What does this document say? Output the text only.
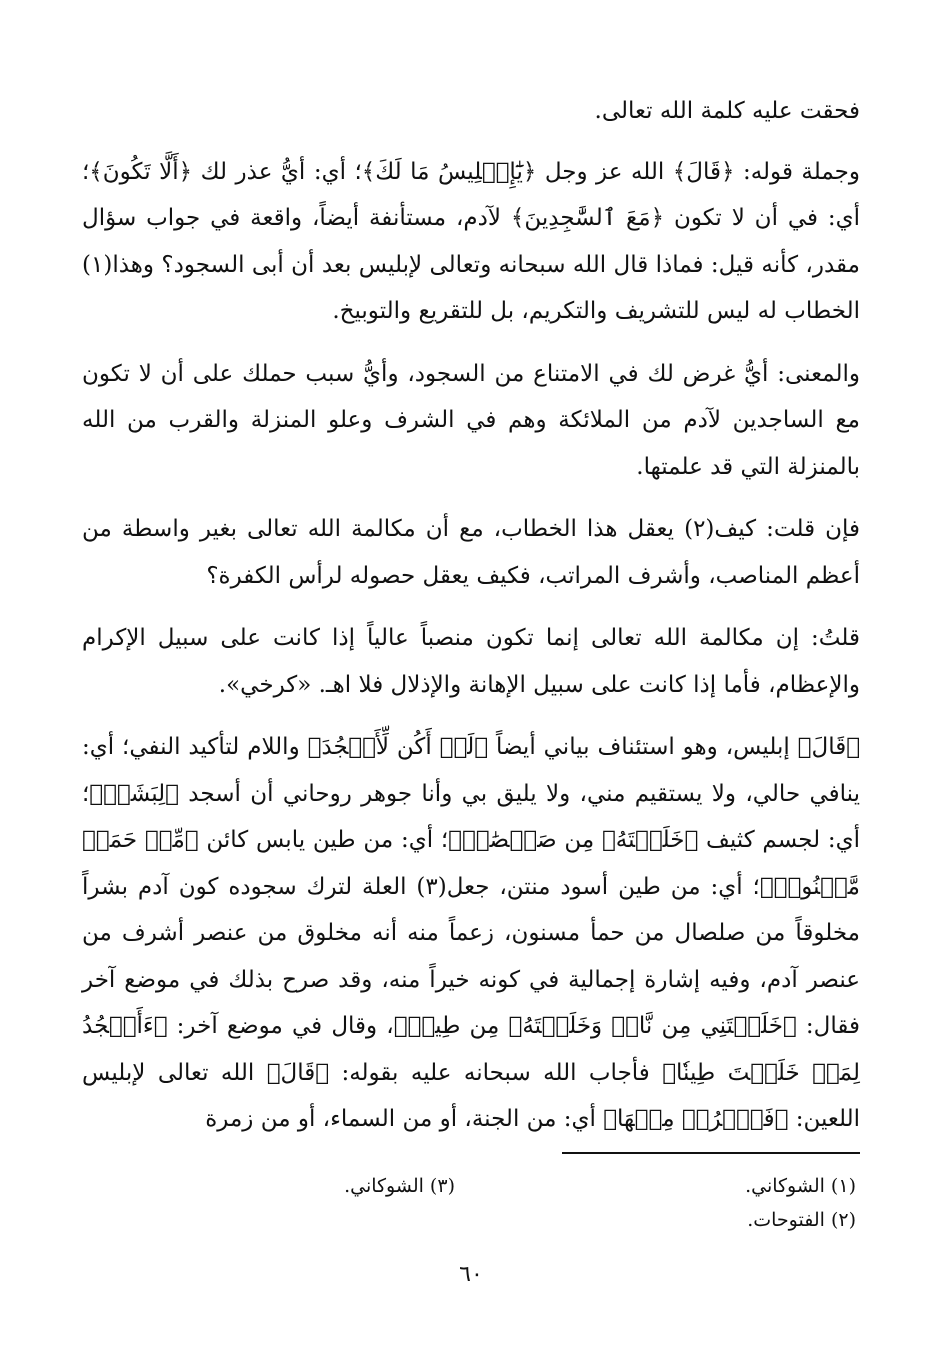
فحقت عليه كلمة الله تعالى.

وجملة قوله: ﴿قَالَ﴾ الله عز وجل ﴿يَٰٓإِبۡلِيسُ مَا لَكَ﴾؛ أي: أيُّ عذر لك ﴿أَلَّا تَكُونَ﴾؛ أي: في أن لا تكون ﴿مَعَ ٱلسَّٰجِدِينَ﴾ لآدم، مستأنفة أيضاً، واقعة في جواب سؤال مقدر، كأنه قيل: فماذا قال الله سبحانه وتعالى لإبليس بعد أن أبى السجود؟ وهذا(١) الخطاب له ليس للتشريف والتكريم، بل للتقريع والتوبيخ.

والمعنى: أيُّ غرض لك في الامتناع من السجود، وأيُّ سبب حملك على أن لا تكون مع الساجدين لآدم من الملائكة وهم في الشرف وعلو المنزلة والقرب من الله بالمنزلة التي قد علمتها.

فإن قلت: كيف(٢) يعقل هذا الخطاب، مع أن مكالمة الله تعالى بغير واسطة من أعظم المناصب، وأشرف المراتب، فكيف يعقل حصوله لرأس الكفرة؟

قلتُ: إن مكالمة الله تعالى إنما تكون منصباً عالياً إذا كانت على سبيل الإكرام والإعظام، فأما إذا كانت على سبيل الإهانة والإذلال فلا اهـ. «كرخي».

﴿قَالَ﴾ إبليس، وهو استئناف بياني أيضاً ﴿لَمۡ أَكُن لِّأَسۡجُدَ﴾ واللام لتأكيد النفي؛ أي: ينافي حالي، ولا يستقيم مني، ولا يليق بي وأنا جوهر روحاني أن أسجد ﴿لِبَشَرٖ﴾؛ أي: لجسم كثيف ﴿خَلَقۡتَهُۥ مِن صَلۡصَٰلٖ﴾؛ أي: من طين يابس كائن ﴿مِّنۡ حَمَإٖ مَّسۡنُونٖ﴾؛ أي: من طين أسود منتن، جعل(٣) العلة لترك سجوده كون آدم بشراً مخلوقاً من صلصال من حمأ مسنون، زعماً منه أنه مخلوق من عنصر أشرف من عنصر آدم، وفيه إشارة إجمالية في كونه خيراً منه، وقد صرح بذلك في موضع آخر فقال: ﴿خَلَقۡتَنِي مِن نَّارٖ وَخَلَقۡتَهُۥ مِن طِينٖ﴾، وقال في موضع آخر: ﴿ءَأَسۡجُدُ لِمَنۡ خَلَقۡتَ طِينٗا﴾ فأجاب الله سبحانه عليه بقوله: ﴿قَالَ﴾ الله تعالى لإبليس اللعين: ﴿فَٱخۡرُجۡ مِنۡهَا﴾ أي: من الجنة، أو من السماء، أو من زمرة

(١) الشوكاني.
(٢) الفتوحات.
(٣) الشوكاني.
٦٠
